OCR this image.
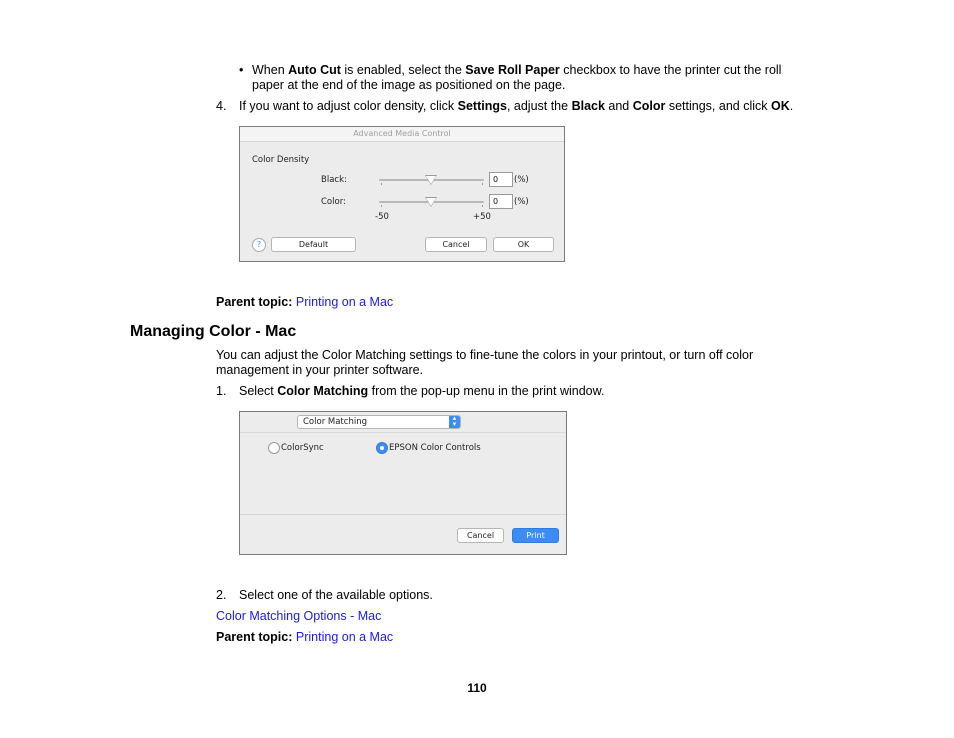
• When Auto Cut is enabled, select the Save Roll Paper checkbox to have the printer cut the roll
paper at the end of the image as positioned on the page.
4. If you want to adjust color density, click Settings, adjust the Black and Color settings, and click OK.
Advanced Media Control
Color Density
Black:	0	(%)
Color:	0	(%)
-50	+50
?	Default	Cancel	OK
Parent topic: Printing on a Mac
Managing Color - Mac
You can adjust the Color Matching settings to fine-tune the colors in your printout, or turn off color
management in your printer software.
1. Select Color Matching from the pop-up menu in the print window.
Color Matching	▴
▾
ColorSync	EPSON Color Controls
Cancel	Print
2. Select one of the available options.
Color Matching Options - Mac
Parent topic: Printing on a Mac
110
